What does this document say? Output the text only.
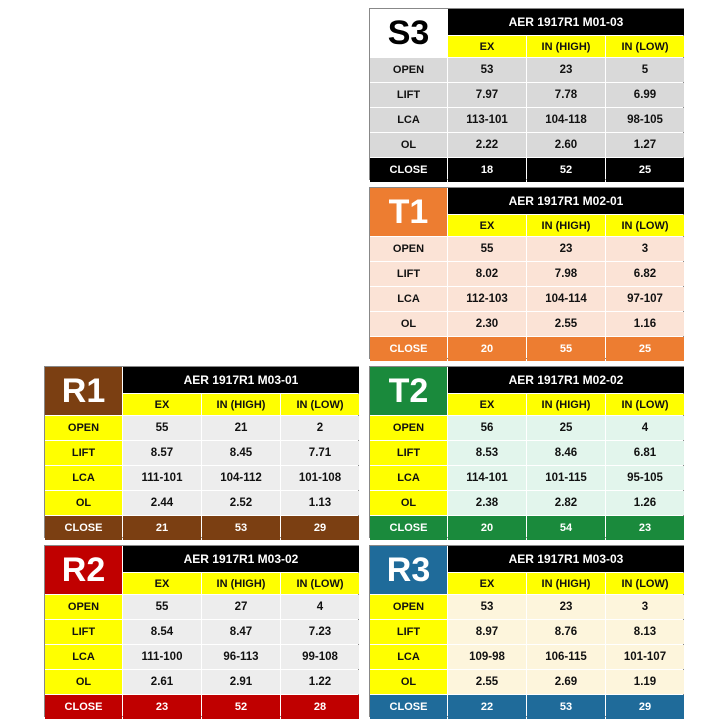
S3	AER 1917R1 M01-03
EX	IN (HIGH)	IN (LOW)
OPEN	53	23	5
LIFT	7.97	7.78	6.99
LCA	113-101	104-118	98-105
OL	2.22	2.60	1.27
CLOSE	18	52	25
T1	AER 1917R1 M02-01
EX	IN (HIGH)	IN (LOW)
OPEN	55	23	3
LIFT	8.02	7.98	6.82
LCA	112-103	104-114	97-107
OL	2.30	2.55	1.16
CLOSE	20	55	25
R1	AER 1917R1 M03-01
EX	IN (HIGH)	IN (LOW)
OPEN	55	21	2
LIFT	8.57	8.45	7.71
LCA	111-101	104-112	101-108
OL	2.44	2.52	1.13
CLOSE	21	53	29
T2	AER 1917R1 M02-02
EX	IN (HIGH)	IN (LOW)
OPEN	56	25	4
LIFT	8.53	8.46	6.81
LCA	114-101	101-115	95-105
OL	2.38	2.82	1.26
CLOSE	20	54	23
R2	AER 1917R1 M03-02
EX	IN (HIGH)	IN (LOW)
OPEN	55	27	4
LIFT	8.54	8.47	7.23
LCA	111-100	96-113	99-108
OL	2.61	2.91	1.22
CLOSE	23	52	28
R3	AER 1917R1 M03-03
EX	IN (HIGH)	IN (LOW)
OPEN	53	23	3
LIFT	8.97	8.76	8.13
LCA	109-98	106-115	101-107
OL	2.55	2.69	1.19
CLOSE	22	53	29
